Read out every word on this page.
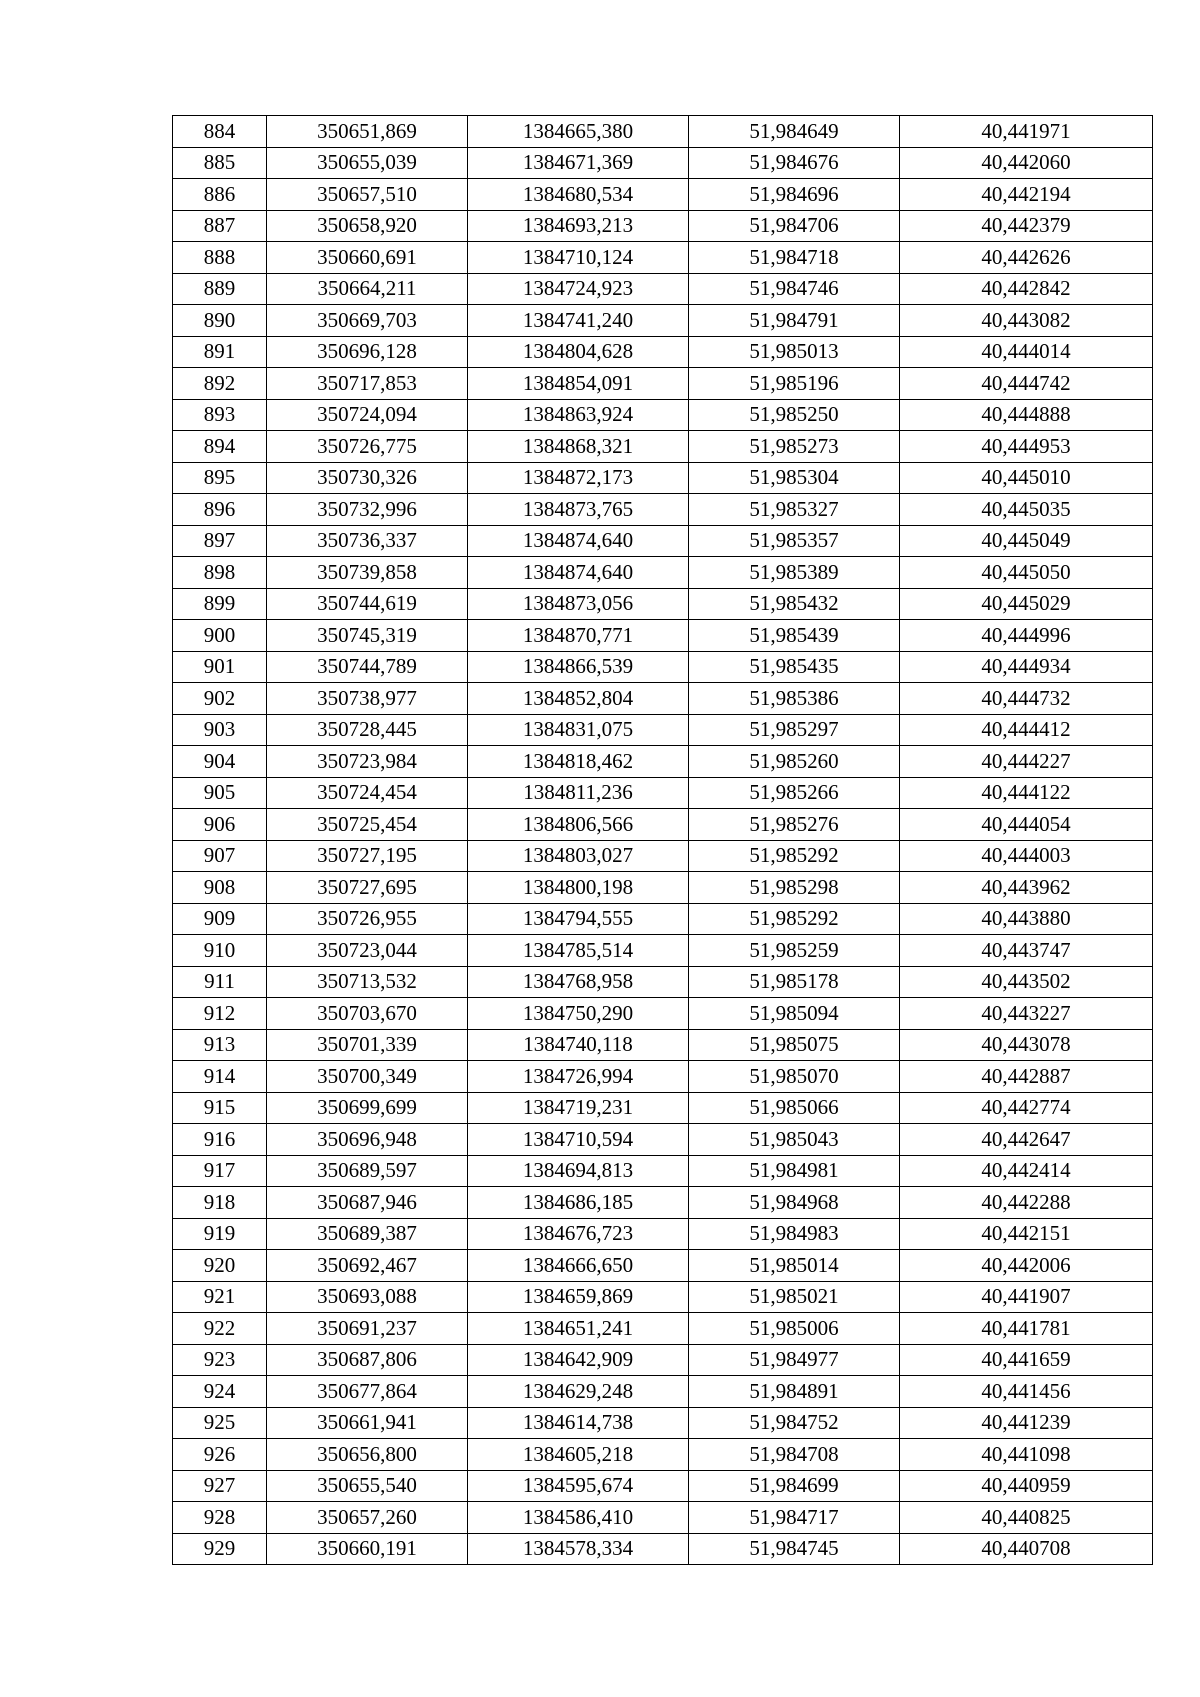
884	350651,869	1384665,380	51,984649	40,441971
885	350655,039	1384671,369	51,984676	40,442060
886	350657,510	1384680,534	51,984696	40,442194
887	350658,920	1384693,213	51,984706	40,442379
888	350660,691	1384710,124	51,984718	40,442626
889	350664,211	1384724,923	51,984746	40,442842
890	350669,703	1384741,240	51,984791	40,443082
891	350696,128	1384804,628	51,985013	40,444014
892	350717,853	1384854,091	51,985196	40,444742
893	350724,094	1384863,924	51,985250	40,444888
894	350726,775	1384868,321	51,985273	40,444953
895	350730,326	1384872,173	51,985304	40,445010
896	350732,996	1384873,765	51,985327	40,445035
897	350736,337	1384874,640	51,985357	40,445049
898	350739,858	1384874,640	51,985389	40,445050
899	350744,619	1384873,056	51,985432	40,445029
900	350745,319	1384870,771	51,985439	40,444996
901	350744,789	1384866,539	51,985435	40,444934
902	350738,977	1384852,804	51,985386	40,444732
903	350728,445	1384831,075	51,985297	40,444412
904	350723,984	1384818,462	51,985260	40,444227
905	350724,454	1384811,236	51,985266	40,444122
906	350725,454	1384806,566	51,985276	40,444054
907	350727,195	1384803,027	51,985292	40,444003
908	350727,695	1384800,198	51,985298	40,443962
909	350726,955	1384794,555	51,985292	40,443880
910	350723,044	1384785,514	51,985259	40,443747
911	350713,532	1384768,958	51,985178	40,443502
912	350703,670	1384750,290	51,985094	40,443227
913	350701,339	1384740,118	51,985075	40,443078
914	350700,349	1384726,994	51,985070	40,442887
915	350699,699	1384719,231	51,985066	40,442774
916	350696,948	1384710,594	51,985043	40,442647
917	350689,597	1384694,813	51,984981	40,442414
918	350687,946	1384686,185	51,984968	40,442288
919	350689,387	1384676,723	51,984983	40,442151
920	350692,467	1384666,650	51,985014	40,442006
921	350693,088	1384659,869	51,985021	40,441907
922	350691,237	1384651,241	51,985006	40,441781
923	350687,806	1384642,909	51,984977	40,441659
924	350677,864	1384629,248	51,984891	40,441456
925	350661,941	1384614,738	51,984752	40,441239
926	350656,800	1384605,218	51,984708	40,441098
927	350655,540	1384595,674	51,984699	40,440959
928	350657,260	1384586,410	51,984717	40,440825
929	350660,191	1384578,334	51,984745	40,440708
